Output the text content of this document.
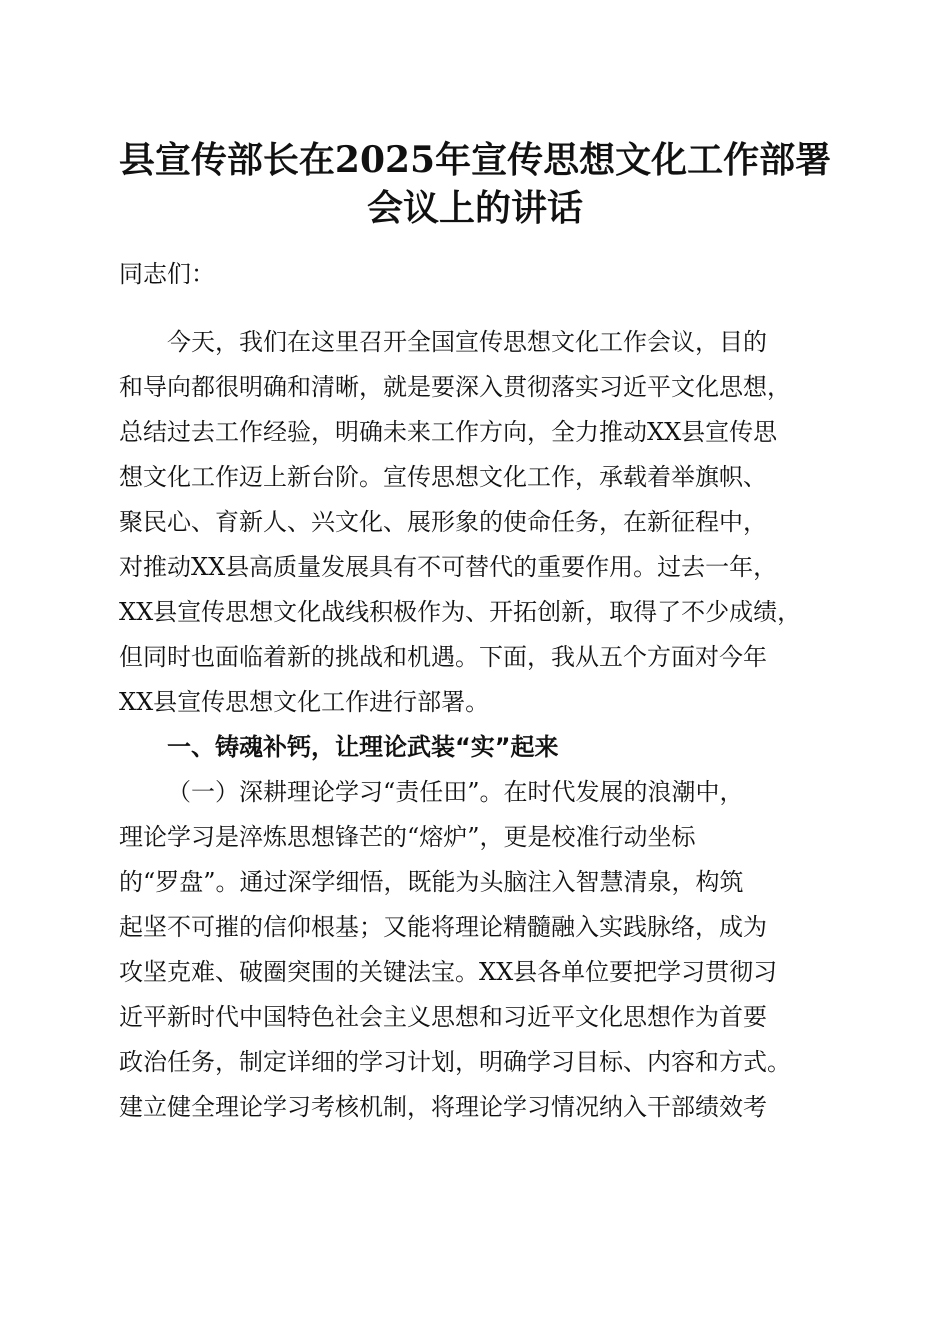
县宣传部长在2025年宣传思想文化工作部署
会议上的讲话

同志们：

今天，我们在这里召开全国宣传思想文化工作会议，目的
和导向都很明确和清晰，就是要深入贯彻落实习近平文化思想，
总结过去工作经验，明确未来工作方向，全力推动XX县宣传思
想文化工作迈上新台阶。宣传思想文化工作，承载着举旗帜、
聚民心、育新人、兴文化、展形象的使命任务，在新征程中，
对推动XX县高质量发展具有不可替代的重要作用。过去一年，
XX县宣传思想文化战线积极作为、开拓创新，取得了不少成绩，
但同时也面临着新的挑战和机遇。下面，我从五个方面对今年
XX县宣传思想文化工作进行部署。
一、铸魂补钙，让理论武装“实”起来
（一）深耕理论学习“责任田”。在时代发展的浪潮中，
理论学习是淬炼思想锋芒的“熔炉”，更是校准行动坐标
的“罗盘”。通过深学细悟，既能为头脑注入智慧清泉，构筑
起坚不可摧的信仰根基；又能将理论精髓融入实践脉络，成为
攻坚克难、破圈突围的关键法宝。XX县各单位要把学习贯彻习
近平新时代中国特色社会主义思想和习近平文化思想作为首要
政治任务，制定详细的学习计划，明确学习目标、内容和方式。
建立健全理论学习考核机制，将理论学习情况纳入干部绩效考
